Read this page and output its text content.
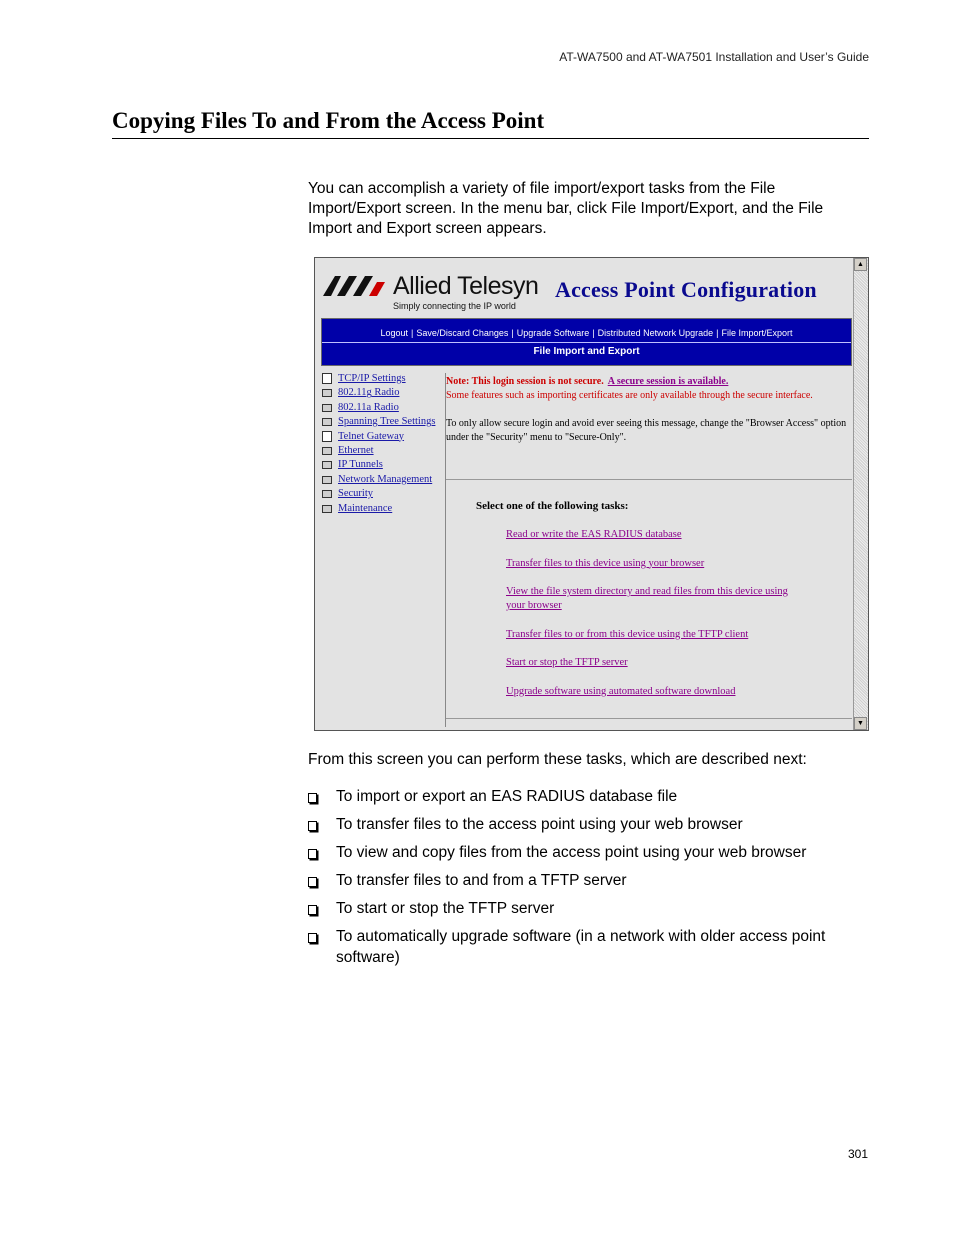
AT-WA7500 and AT-WA7501 Installation and User’s Guide
Copying Files To and From the Access Point

You can accomplish a variety of file import/export tasks from the File Import/Export screen. In the menu bar, click File Import/Export, and the File Import and Export screen appears.

▲
▼
Allied Telesyn
Simply connecting the IP world
Access Point Configuration
Logout | Save/Discard Changes | Upgrade Software | Distributed Network Upgrade | File Import/Export
File Import and Export
TCP/IP Settings
802.11g Radio
802.11a Radio
Spanning Tree Settings
Telnet Gateway
Ethernet
IP Tunnels
Network Management
Security
Maintenance
Note: This login session is not secure. A secure session is available.
Some features such as importing certificates are only available through the secure interface.
To only allow secure login and avoid ever seeing this message, change the "Browser Access" option under the "Security" menu to "Secure-Only".
Select one of the following tasks:
Read or write the EAS RADIUS database
Transfer files to this device using your browser
View the file system directory and read files from this device using your browser
Transfer files to or from this device using the TFTP client
Start or stop the TFTP server
Upgrade software using automated software download

From this screen you can perform these tasks, which are described next:

To import or export an EAS RADIUS database file
To transfer files to the access point using your web browser
To view and copy files from the access point using your web browser
To transfer files to and from a TFTP server
To start or stop the TFTP server
To automatically upgrade software (in a network with older access point software)
301
